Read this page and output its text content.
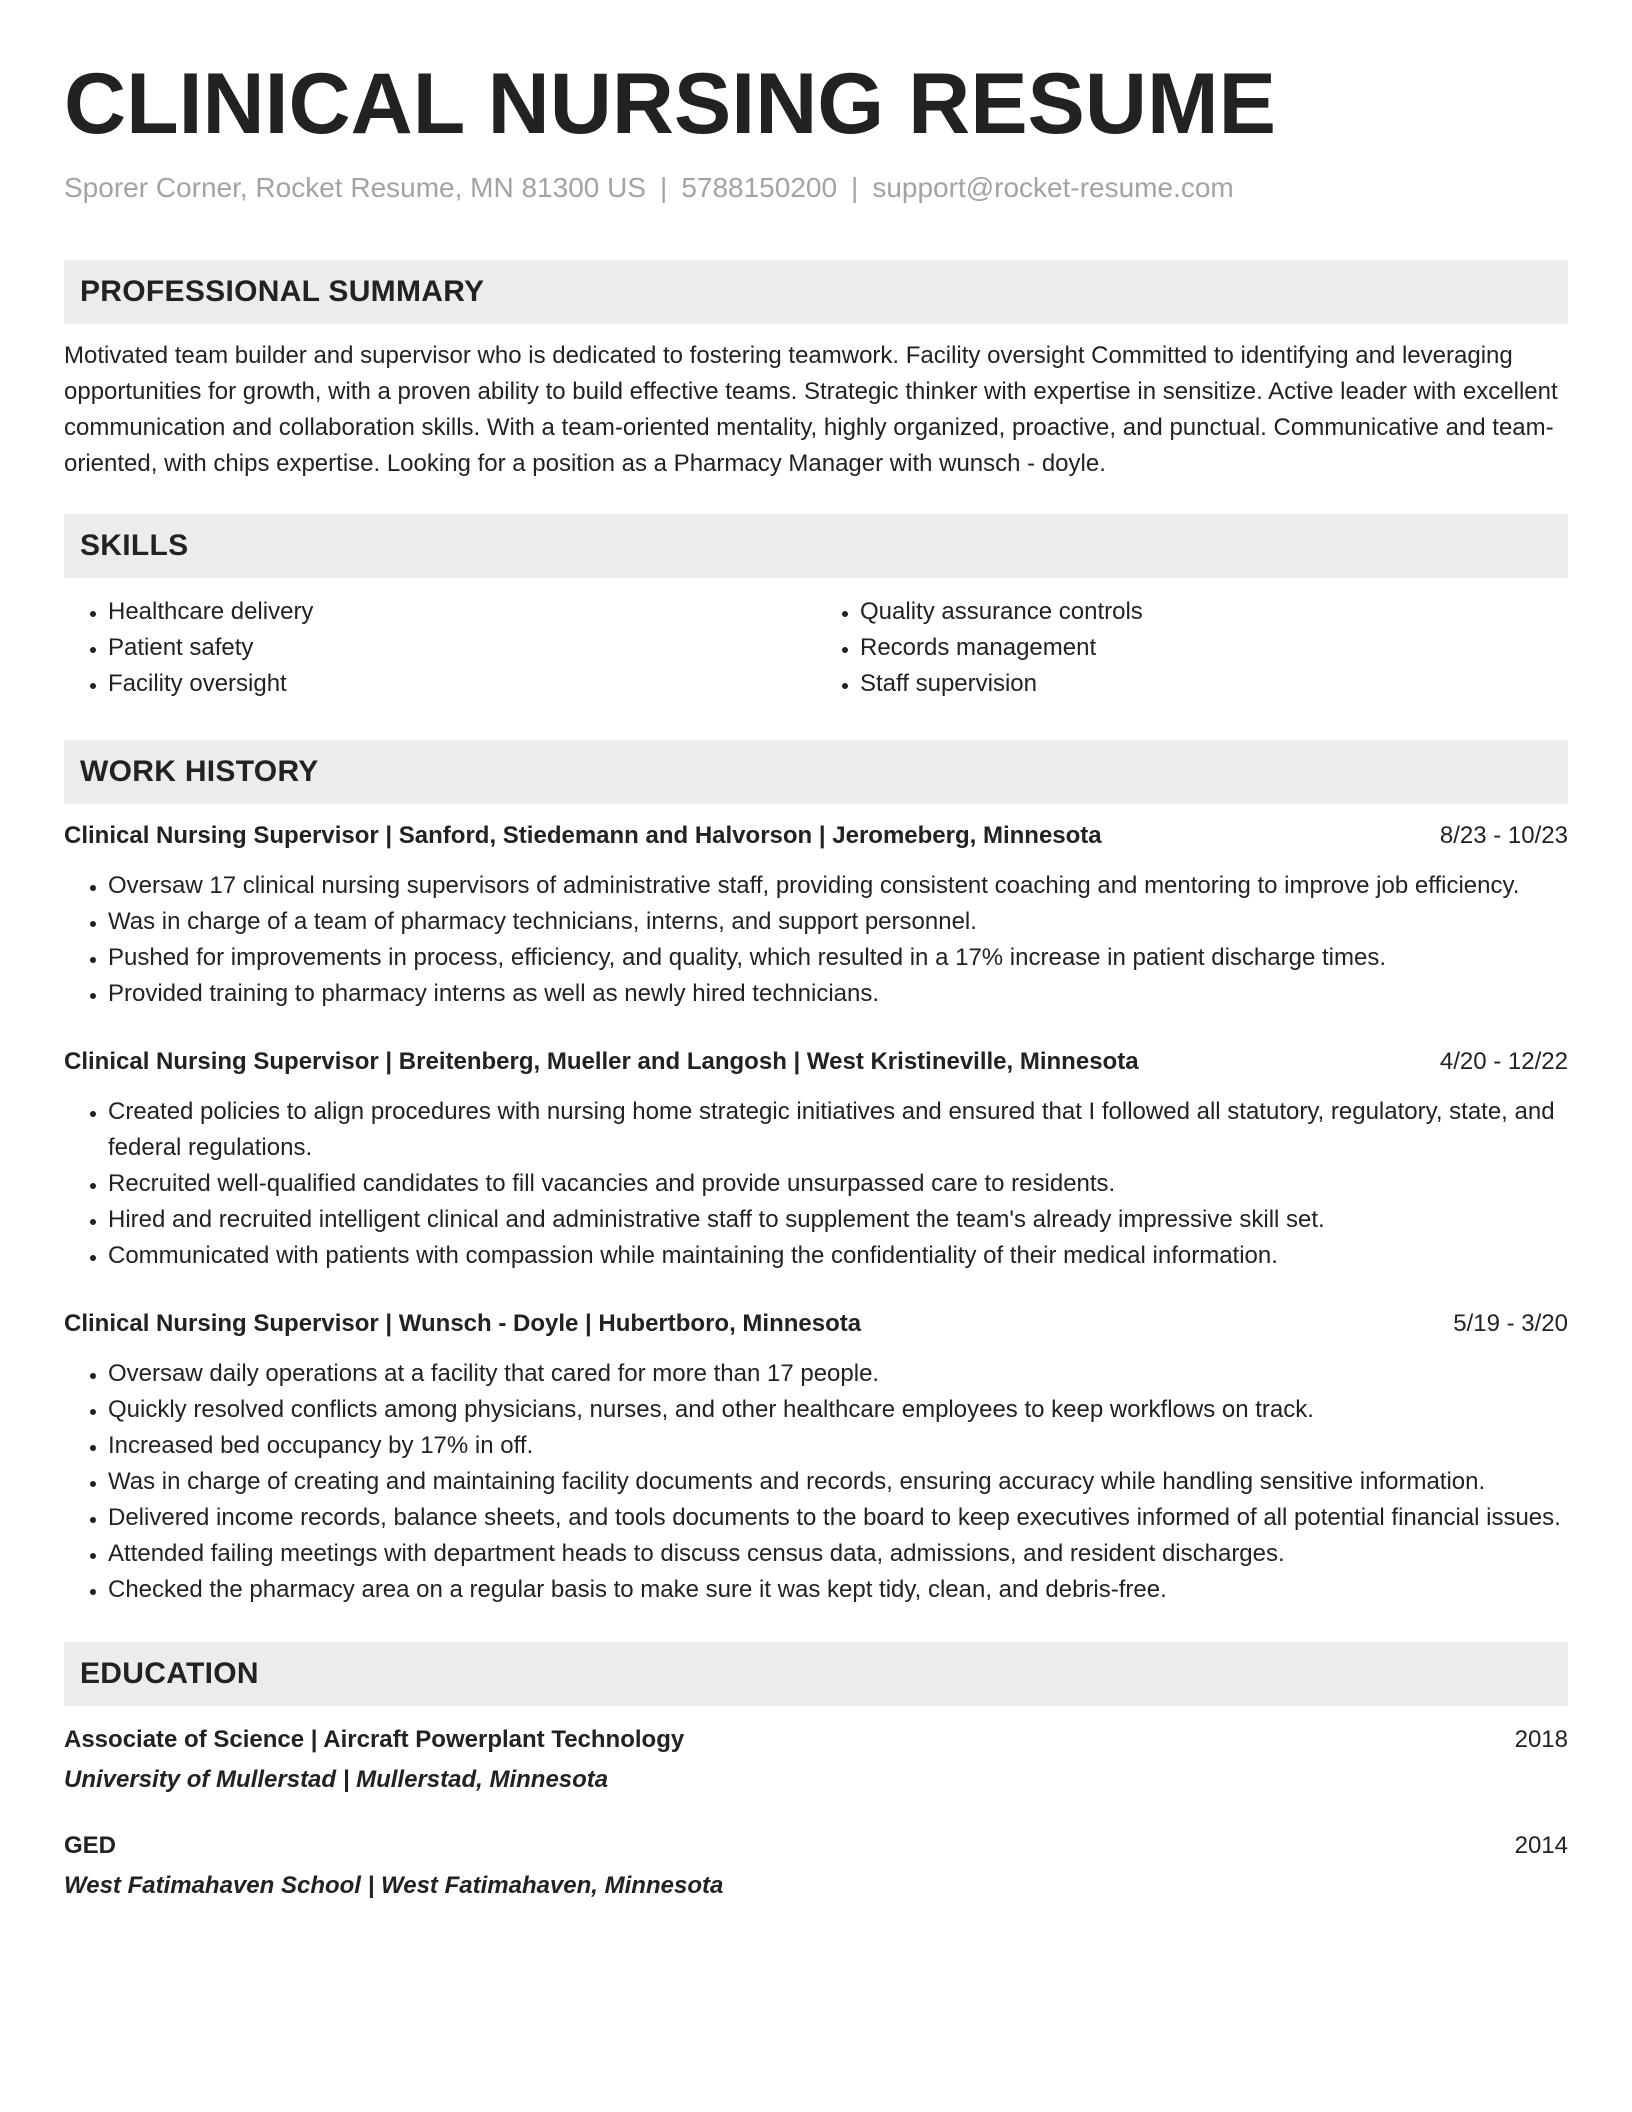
CLINICAL NURSING RESUME
Sporer Corner, Rocket Resume, MN 81300 US | 5788150200 | support@rocket-resume.com
PROFESSIONAL SUMMARY
Motivated team builder and supervisor who is dedicated to fostering teamwork. Facility oversight Committed to identifying and leveraging opportunities for growth, with a proven ability to build effective teams. Strategic thinker with expertise in sensitize. Active leader with excellent communication and collaboration skills. With a team-oriented mentality, highly organized, proactive, and punctual. Communicative and team-oriented, with chips expertise. Looking for a position as a Pharmacy Manager with wunsch - doyle.
SKILLS
• Healthcare delivery
• Patient safety
• Facility oversight
• Quality assurance controls
• Records management
• Staff supervision
WORK HISTORY
Clinical Nursing Supervisor | Sanford, Stiedemann and Halvorson | Jeromeberg, Minnesota	8/23 - 10/23
• Oversaw 17 clinical nursing supervisors of administrative staff, providing consistent coaching and mentoring to improve job efficiency.
• Was in charge of a team of pharmacy technicians, interns, and support personnel.
• Pushed for improvements in process, efficiency, and quality, which resulted in a 17% increase in patient discharge times.
• Provided training to pharmacy interns as well as newly hired technicians.
Clinical Nursing Supervisor | Breitenberg, Mueller and Langosh | West Kristineville, Minnesota	4/20 - 12/22
• Created policies to align procedures with nursing home strategic initiatives and ensured that I followed all statutory, regulatory, state, and federal regulations.
• Recruited well-qualified candidates to fill vacancies and provide unsurpassed care to residents.
• Hired and recruited intelligent clinical and administrative staff to supplement the team's already impressive skill set.
• Communicated with patients with compassion while maintaining the confidentiality of their medical information.
Clinical Nursing Supervisor | Wunsch - Doyle | Hubertboro, Minnesota	5/19 - 3/20
• Oversaw daily operations at a facility that cared for more than 17 people.
• Quickly resolved conflicts among physicians, nurses, and other healthcare employees to keep workflows on track.
• Increased bed occupancy by 17% in off.
• Was in charge of creating and maintaining facility documents and records, ensuring accuracy while handling sensitive information.
• Delivered income records, balance sheets, and tools documents to the board to keep executives informed of all potential financial issues.
• Attended failing meetings with department heads to discuss census data, admissions, and resident discharges.
• Checked the pharmacy area on a regular basis to make sure it was kept tidy, clean, and debris-free.
EDUCATION
Associate of Science | Aircraft Powerplant Technology	2018
University of Mullerstad | Mullerstad, Minnesota
GED	2014
West Fatimahaven School | West Fatimahaven, Minnesota
